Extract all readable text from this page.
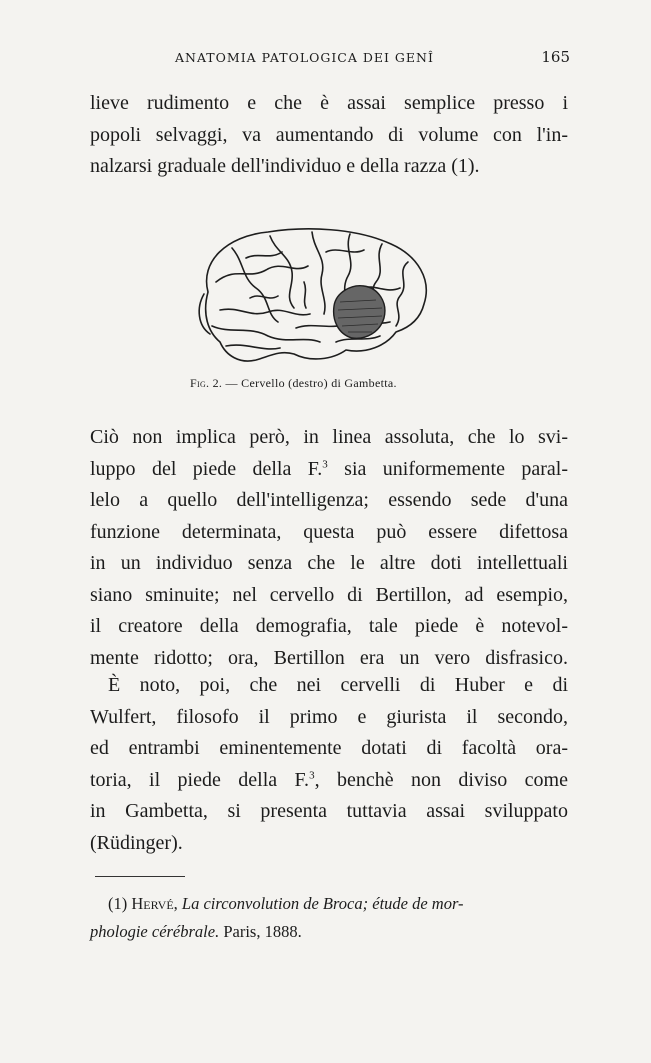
ANATOMIA PATOLOGICA DEI GENÎ	165
lieve rudimento e che è assai semplice presso i
popoli selvaggi, va aumentando di volume con l'in-
nalzarsi graduale dell'individuo e della razza (1).
Fig. 2. — Cervello (destro) di Gambetta.
Ciò non implica però, in linea assoluta, che lo svi-
luppo del piede della F.$^3$ sia uniformemente paral-
lelo a quello dell'intelligenza; essendo sede d'una
funzione determinata, questa può essere difettosa
in un individuo senza che le altre doti intellettuali
siano sminuite; nel cervello di Bertillon, ad esempio,
il creatore della demografia, tale piede è notevol-
mente ridotto; ora, Bertillon era un vero disfrasico.
È noto, poi, che nei cervelli di Huber e di
Wulfert, filosofo il primo e giurista il secondo,
ed entrambi eminentemente dotati di facoltà ora-
toria, il piede della F.$^3$, benchè non diviso come
in Gambetta, si presenta tuttavia assai sviluppato
(Rüdinger).
(1) Hervé, La circonvolution de Broca; étude de mor-
phologie cérébrale. Paris, 1888.
